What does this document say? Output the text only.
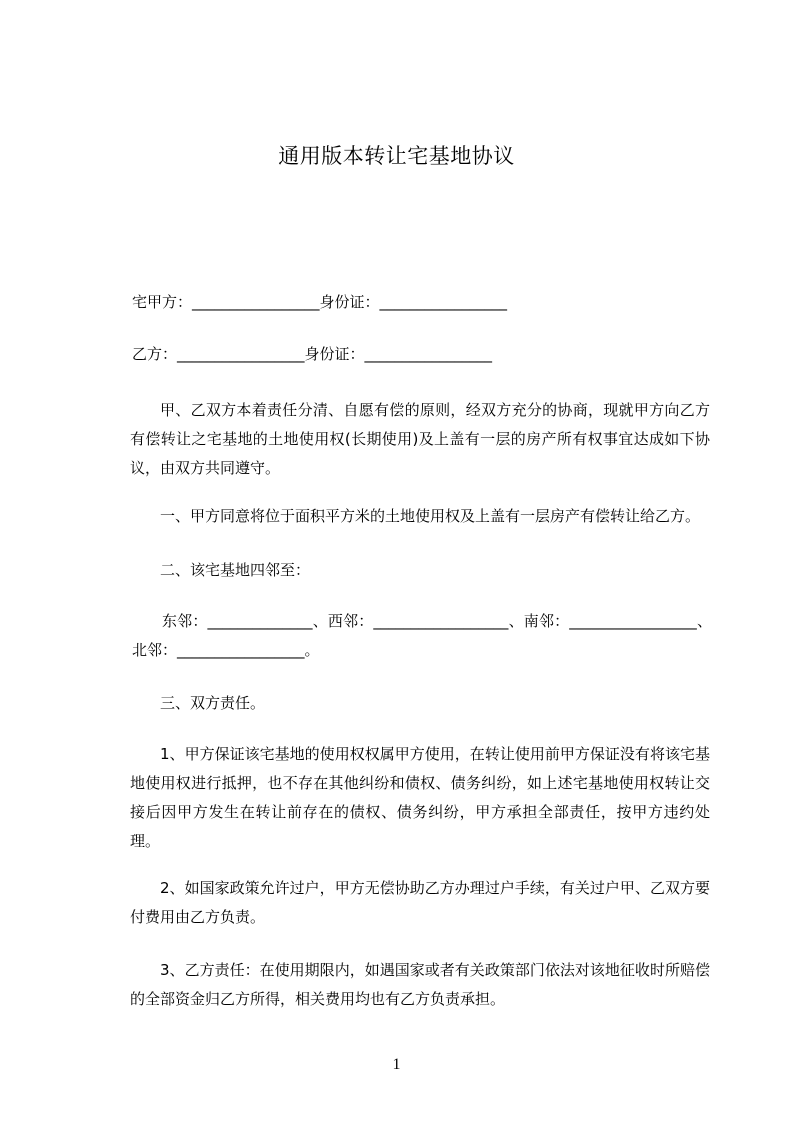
通用版本转让宅基地协议
宅甲方：_________________身份证：_________________
乙方：_________________身份证：_________________
甲、乙双方本着责任分清、自愿有偿的原则，经双方充分的协商，现就甲方向乙方有偿转让之宅基地的土地使用权(长期使用)及上盖有一层的房产所有权事宜达成如下协议，由双方共同遵守。
一、甲方同意将位于面积平方米的土地使用权及上盖有一层房产有偿转让给乙方。
二、该宅基地四邻至：
东邻：______________、西邻：__________________、南邻：_________________、北邻：_________________。
三、双方责任。
1、甲方保证该宅基地的使用权权属甲方使用，在转让使用前甲方保证没有将该宅基地使用权进行抵押，也不存在其他纠纷和债权、债务纠纷，如上述宅基地使用权转让交接后因甲方发生在转让前存在的债权、债务纠纷，甲方承担全部责任，按甲方违约处理。
2、如国家政策允许过户，甲方无偿协助乙方办理过户手续，有关过户甲、乙双方要付费用由乙方负责。
3、乙方责任：在使用期限内，如遇国家或者有关政策部门依法对该地征收时所赔偿的全部资金归乙方所得，相关费用均也有乙方负责承担。
1
